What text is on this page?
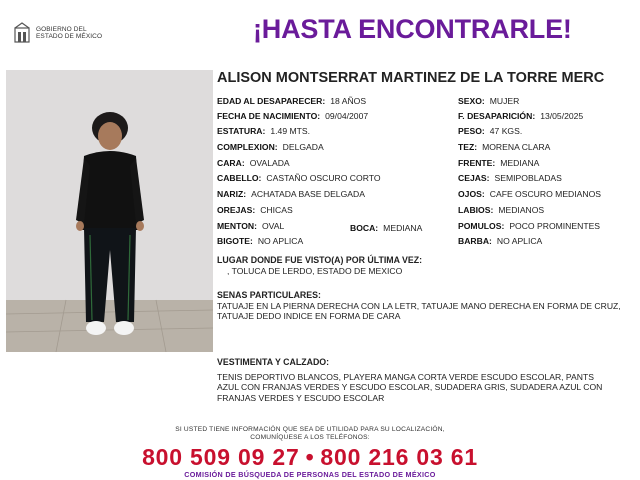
GOBIERNO DEL
ESTADO DE MÉXICO	¡HASTA ENCONTRARLE!
ALISON MONTSERRAT MARTINEZ DE LA TORRE MERC
EDAD AL DESAPARECER: 18 AÑOS
FECHA DE NACIMIENTO: 09/04/2007
ESTATURA: 1.49 MTS.
COMPLEXION: DELGADA
CARA: OVALADA
CABELLO: CASTAÑO OSCURO CORTO
NARIZ: ACHATADA BASE DELGADA
OREJAS: CHICAS
MENTON: OVAL	BOCA: MEDIANA
BIGOTE: NO APLICA
SEXO: MUJER
F. DESAPARICIÓN: 13/05/2025
PESO: 47 KGS.
TEZ: MORENA CLARA
FRENTE: MEDIANA
CEJAS: SEMIPOBLADAS
OJOS: CAFE OSCURO MEDIANOS
LABIOS: MEDIANOS
POMULOS: POCO PROMINENTES
BARBA: NO APLICA
LUGAR DONDE FUE VISTO(A) POR ÚLTIMA VEZ:
, TOLUCA DE LERDO, ESTADO DE MEXICO
SENAS PARTICULARES:
TATUAJE EN LA PIERNA DERECHA CON LA LETR, TATUAJE MANO DERECHA EN FORMA DE CRUZ, TATUAJE DEDO INDICE EN FORMA DE CARA
VESTIMENTA Y CALZADO:
TENIS DEPORTIVO BLANCOS, PLAYERA MANGA CORTA VERDE ESCUDO ESCOLAR, PANTS AZUL CON FRANJAS VERDES Y ESCUDO ESCOLAR, SUDADERA GRIS, SUDADERA AZUL CON FRANJAS VERDES Y ESCUDO ESCOLAR
SI USTED TIENE INFORMACIÓN QUE SEA DE UTILIDAD PARA SU LOCALIZACIÓN,
COMUNÍQUESE A LOS TELÉFONOS:
800 509 09 27 • 800 216 03 61
COMISIÓN DE BÚSQUEDA DE PERSONAS DEL ESTADO DE MÉXICO
